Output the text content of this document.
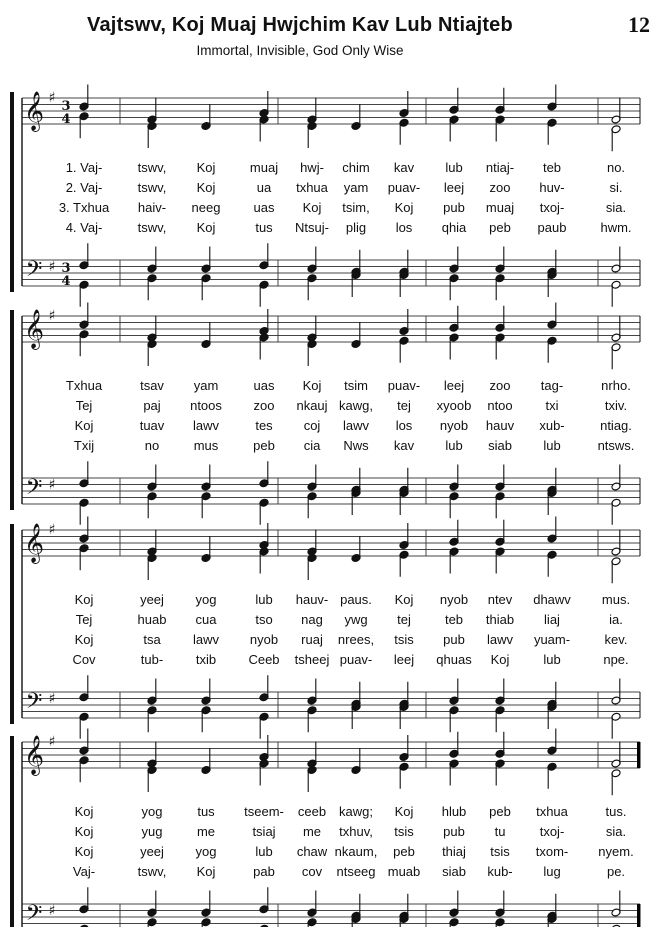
Vajtswv, Koj Muaj Hwjchim Kav Lub Ntiajteb
Immortal, Invisible, God Only Wise
12
𝄞
𝄢
♯
♯
3
4
3
4
𝄞
𝄢
♯
♯
𝄞
𝄢
♯
♯
𝄞
𝄢
♯
♯
1. Vaj-	tswv, Koj	muaj hwj- chim kav lub ntiaj- teb	no.
2. Vaj-	tswv, Koj	ua txhua yam puav- leej zoo huv-	si.
3. Txhua haiv- neeg	uas Koj tsim, Koj pub muaj txoj-	sia.
4. Vaj-	tswv, Koj	tus Ntsuj- plig los qhia peb paub	hwm.
Txhua	tsav yam	uas Koj tsim puav- leej zoo tag-	nrho.
Tej	paj ntoos zoo nkauj kawg, tej xyoob ntoo	txi	txiv.
Koj	tuav lawv	tes coj lawv los nyob hauv xub-	ntiag.
Txij	no	mus	peb cia Nws kav lub siab lub	ntsws.
Koj	yeej yog	lub hauv- paus. Koj nyob ntev dhawv mus.
Tej	huab cua	tso nag ywg tej	teb thiab liaj	ia.
Koj	tsa lawv nyob ruaj nrees, tsis pub lawv yuam-	kev.
Cov	tub-	txib Ceeb tsheej puav- leej qhuas Koj	lub	npe.
Koj	yog	tus tseem- ceeb kawg; Koj hlub peb txhua	tus.
Koj	yug	me	tsiaj me txhuv, tsis pub tu	txoj-	sia.
Koj	yeej yog	lub chaw nkaum, peb thiaj tsis txom- nyem.
Vaj-	tswv, Koj	pab cov ntseeg muab siab kub- lug	pe.
